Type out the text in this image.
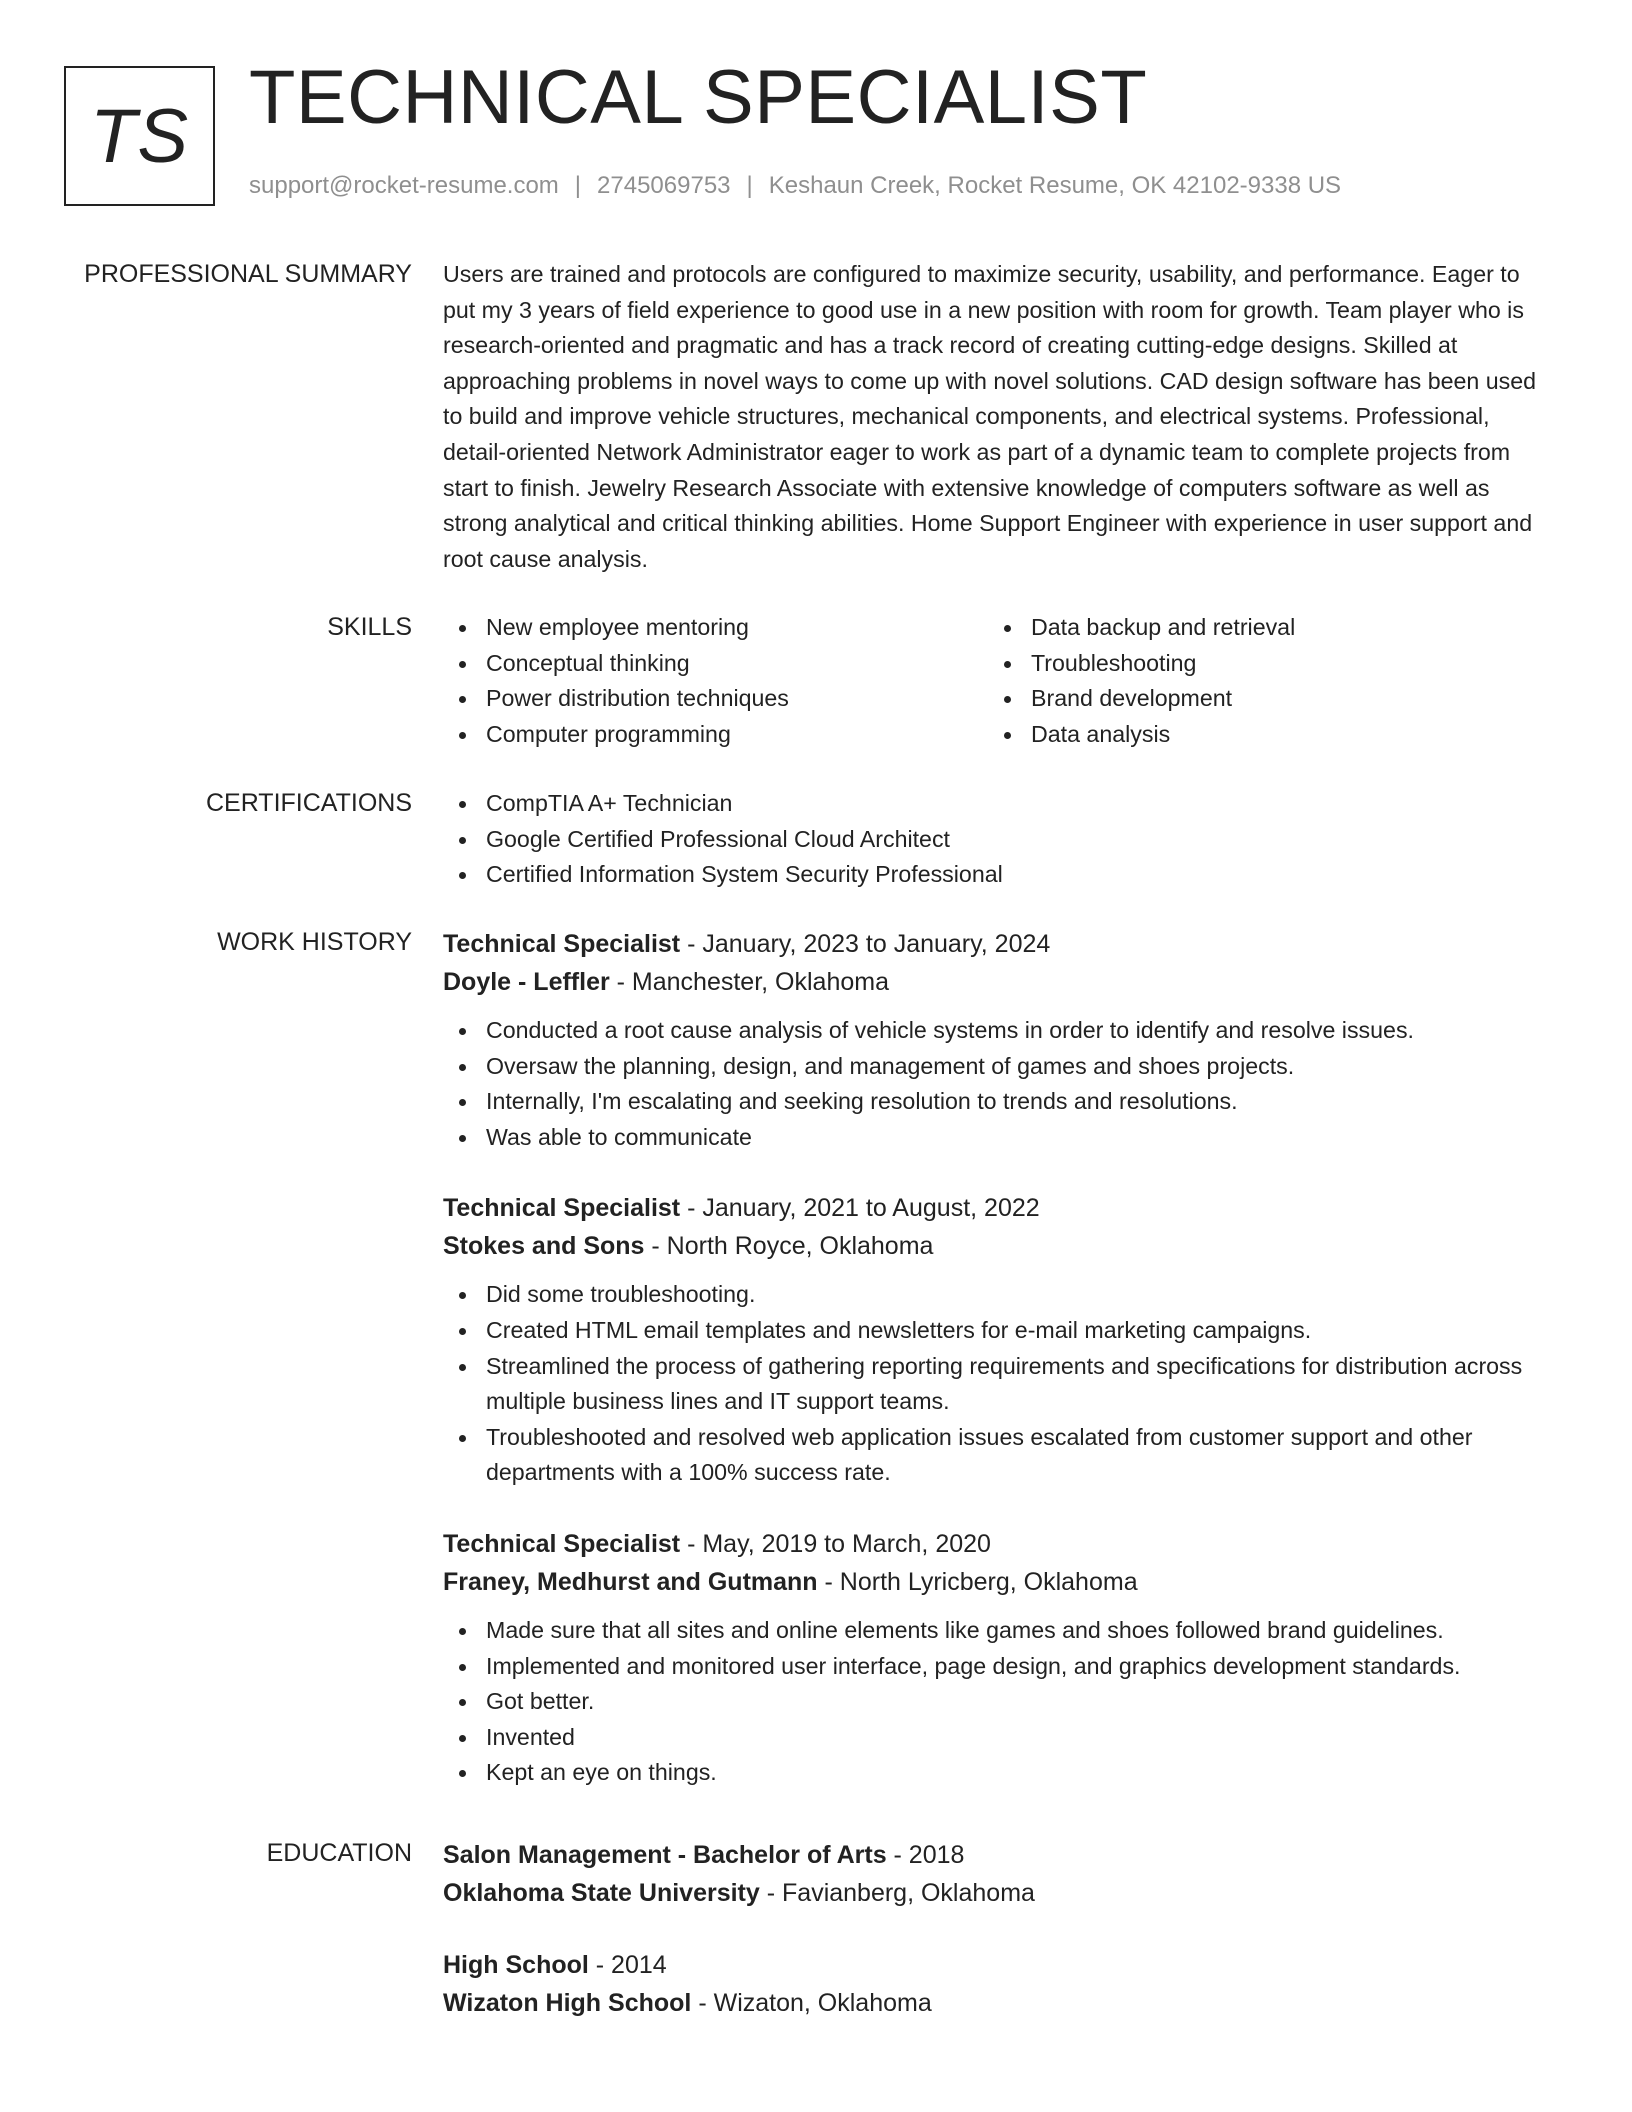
TS TECHNICAL SPECIALIST
support@rocket-resume.com | 2745069753 | Keshaun Creek, Rocket Resume, OK 42102-9338 US
PROFESSIONAL SUMMARY Users are trained and protocols are configured to maximize security, usability, and performance. Eager to put my 3 years of field experience to good use in a new position with room for growth. Team player who is research-oriented and pragmatic and has a track record of creating cutting-edge designs. Skilled at approaching problems in novel ways to come up with novel solutions. CAD design software has been used to build and improve vehicle structures, mechanical components, and electrical systems. Professional, detail-oriented Network Administrator eager to work as part of a dynamic team to complete projects from start to finish. Jewelry Research Associate with extensive knowledge of computers software as well as strong analytical and critical thinking abilities. Home Support Engineer with experience in user support and root cause analysis.
SKILLS	New employee mentoring
Conceptual thinking
Power distribution techniques
Computer programming
Data backup and retrieval
Troubleshooting
Brand development
Data analysis
CERTIFICATIONS	CompTIA A+ Technician
Google Certified Professional Cloud Architect
Certified Information System Security Professional
WORK HISTORY Technical Specialist - January, 2023 to January, 2024
Doyle - Leffler - Manchester, Oklahoma
Conducted a root cause analysis of vehicle systems in order to identify and resolve issues.
Oversaw the planning, design, and management of games and shoes projects.
Internally, I'm escalating and seeking resolution to trends and resolutions.
Was able to communicate
Technical Specialist - January, 2021 to August, 2022
Stokes and Sons - North Royce, Oklahoma
Did some troubleshooting.
Created HTML email templates and newsletters for e-mail marketing campaigns.
Streamlined the process of gathering reporting requirements and specifications for distribution across multiple business lines and IT support teams.
Troubleshooted and resolved web application issues escalated from customer support and other departments with a 100% success rate.
Technical Specialist - May, 2019 to March, 2020
Franey, Medhurst and Gutmann - North Lyricberg, Oklahoma
Made sure that all sites and online elements like games and shoes followed brand guidelines.
Implemented and monitored user interface, page design, and graphics development standards.
Got better.
Invented
Kept an eye on things.
EDUCATION Salon Management - Bachelor of Arts - 2018
Oklahoma State University - Favianberg, Oklahoma
High School - 2014
Wizaton High School - Wizaton, Oklahoma
